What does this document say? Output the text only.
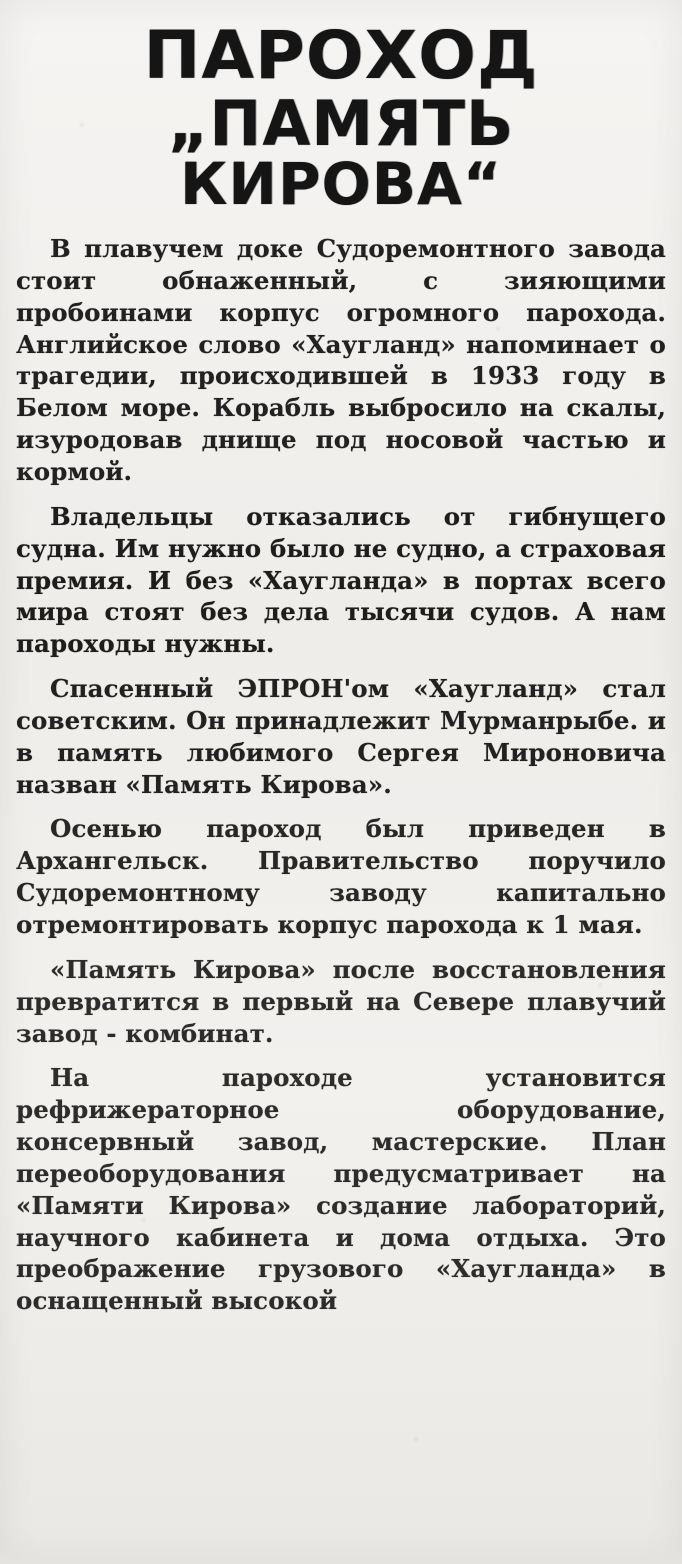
ПАРОХОД
„ПАМЯТЬ
КИРОВА“

В плавучем доке Судоремонтного завода стоит обнаженный, с зияющими пробоинами корпус огромного парохода. Английское слово «Хаугланд» напоминает о трагедии, происходившей в 1933 году в Белом море. Корабль выбросило на скалы, изуродовав днище под носовой частью и кормой.

Владельцы отказались от гибнущего судна. Им нужно было не судно, а страховая премия. И без «Хаугланда» в портах всего мира стоят без дела тысячи судов. А нам пароходы нужны.

Спасенный ЭПРОН'ом «Хаугланд» стал советским. Он принадлежит Мурманрыбе. и в память любимого Сергея Мироновича назван «Память Кирова».

Осенью пароход был приведен в Архангельск. Правительство поручило Судоремонтному заводу капитально отремонтировать корпус парохода к 1 мая.

«Память Кирова» после восстановления превратится в первый на Севере плавучий завод - комбинат.

На пароходе установится рефрижераторное оборудование, консервный завод, мастерские. План переоборудования предусматривает на «Памяти Кирова» создание лабораторий, научного кабинета и дома отдыха. Это преображение грузового «Хаугланда» в оснащенный высокой
